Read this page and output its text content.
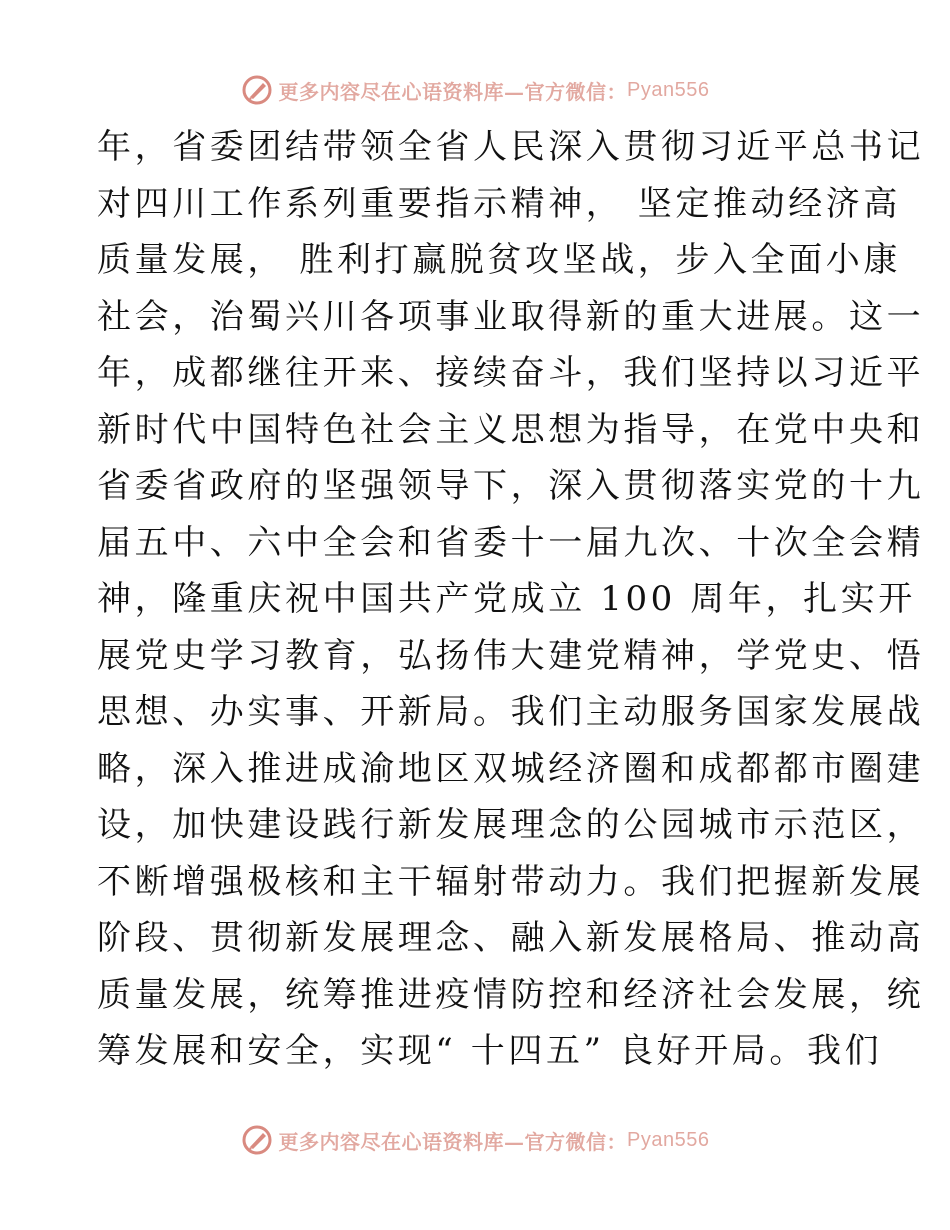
更多内容尽在心语资料库—官方微信： Pyan556
年，省委团结带领全省人民深入贯彻习近平总书记
对四川工作系列重要指示精神， 坚定推动经济高
质量发展， 胜利打赢脱贫攻坚战，步入全面小康
社会，治蜀兴川各项事业取得新的重大进展。这一
年，成都继往开来、接续奋斗，我们坚持以习近平
新时代中国特色社会主义思想为指导，在党中央和
省委省政府的坚强领导下，深入贯彻落实党的十九
届五中、六中全会和省委十一届九次、十次全会精
神，隆重庆祝中国共产党成立 100 周年，扎实开
展党史学习教育，弘扬伟大建党精神，学党史、悟
思想、办实事、开新局。我们主动服务国家发展战
略，深入推进成渝地区双城经济圈和成都都市圈建
设，加快建设践行新发展理念的公园城市示范区，
不断增强极核和主干辐射带动力。我们把握新发展
阶段、贯彻新发展理念、融入新发展格局、推动高
质量发展，统筹推进疫情防控和经济社会发展，统
筹发展和安全，实现“ 十四五” 良好开局。我们
更多内容尽在心语资料库—官方微信： Pyan556
